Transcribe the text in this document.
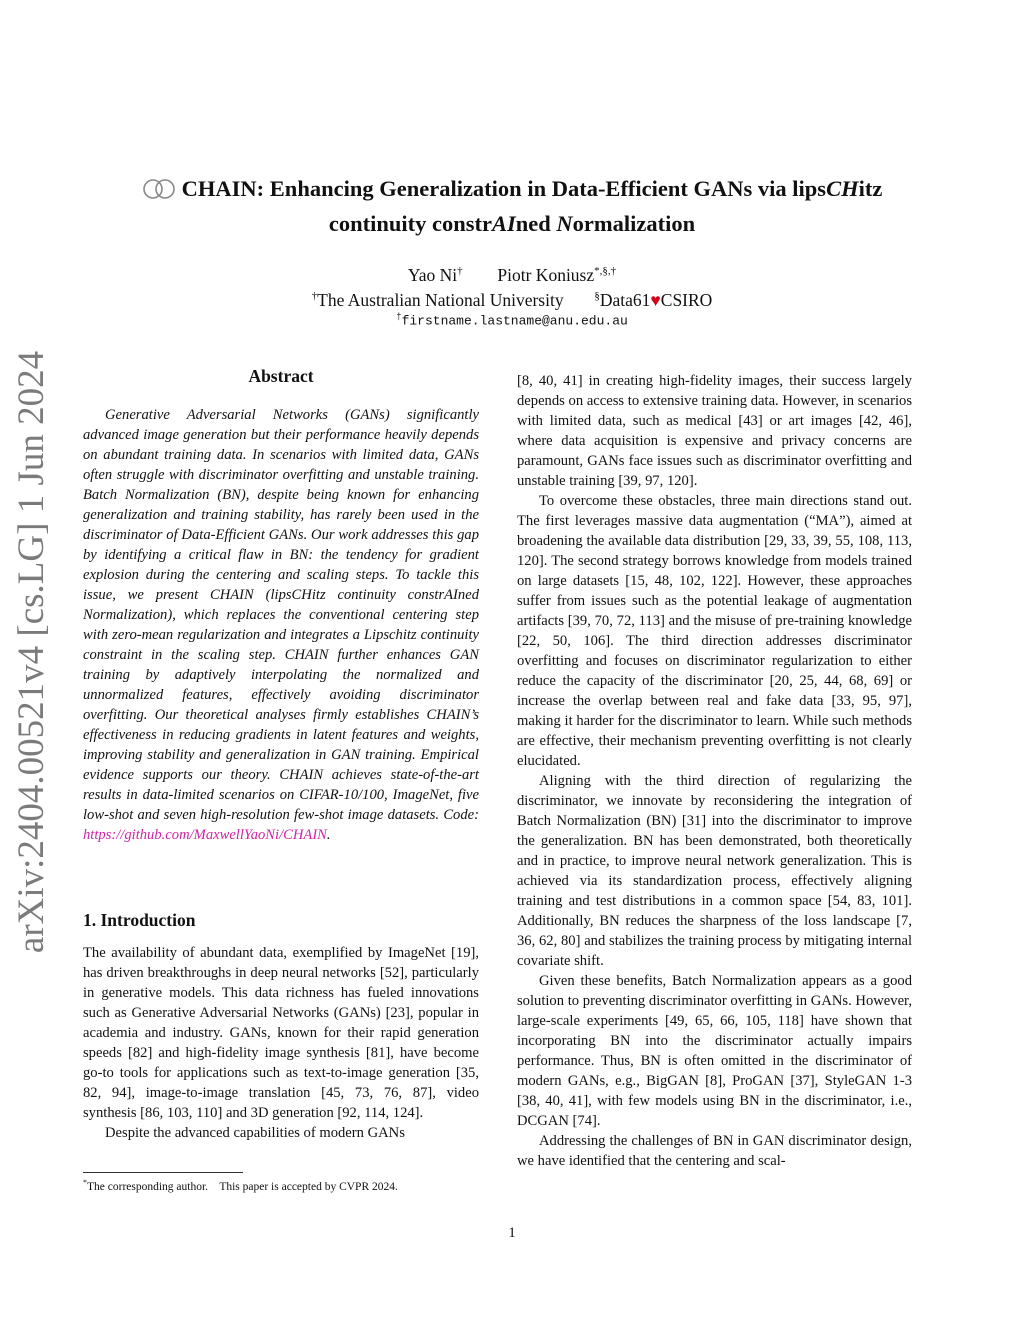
arXiv:2404.00521v4 [cs.LG] 1 Jun 2024
CHAIN: Enhancing Generalization in Data-Efficient GANs via lipsCHitz
continuity constrAIned Normalization
Yao Ni† Piotr Koniusz*,§,†
†The Australian National University	§Data61♥CSIRO
†firstname.lastname@anu.edu.au
Abstract

Generative Adversarial Networks (GANs) significantly advanced image generation but their performance heavily depends on abundant training data. In scenarios with limited data, GANs often struggle with discriminator overfitting and unstable training. Batch Normalization (BN), despite being known for enhancing generalization and training stability, has rarely been used in the discriminator of Data-Efficient GANs. Our work addresses this gap by identifying a critical flaw in BN: the tendency for gradient explosion during the centering and scaling steps. To tackle this issue, we present CHAIN (lipsCHitz continuity constrAIned Normalization), which replaces the conventional centering step with zero-mean regularization and integrates a Lipschitz continuity constraint in the scaling step. CHAIN further enhances GAN training by adaptively interpolating the normalized and unnormalized features, effectively avoiding discriminator overfitting. Our theoretical analyses firmly establishes CHAIN’s effectiveness in reducing gradients in latent features and weights, improving stability and generalization in GAN training. Empirical evidence supports our theory. CHAIN achieves state-of-the-art results in data-limited scenarios on CIFAR-10/100, ImageNet, five low-shot and seven high-resolution few-shot image datasets. Code: https://github.com/MaxwellYaoNi/CHAIN.

1. Introduction

The availability of abundant data, exemplified by ImageNet [19], has driven breakthroughs in deep neural networks [52], particularly in generative models. This data richness has fueled innovations such as Generative Adversarial Networks (GANs) [23], popular in academia and industry. GANs, known for their rapid generation speeds [82] and high-fidelity image synthesis [81], have become go-to tools for applications such as text-to-image generation [35, 82, 94], image-to-image translation [45, 73, 76, 87], video synthesis [86, 103, 110] and 3D generation [92, 114, 124].

Despite the advanced capabilities of modern GANs

[8, 40, 41] in creating high-fidelity images, their success largely depends on access to extensive training data. However, in scenarios with limited data, such as medical [43] or art images [42, 46], where data acquisition is expensive and privacy concerns are paramount, GANs face issues such as discriminator overfitting and unstable training [39, 97, 120].

To overcome these obstacles, three main directions stand out. The first leverages massive data augmentation (“MA”), aimed at broadening the available data distribution [29, 33, 39, 55, 108, 113, 120]. The second strategy borrows knowledge from models trained on large datasets [15, 48, 102, 122]. However, these approaches suffer from issues such as the potential leakage of augmentation artifacts [39, 70, 72, 113] and the misuse of pre-training knowledge [22, 50, 106]. The third direction addresses discriminator overfitting and focuses on discriminator regularization to either reduce the capacity of the discriminator [20, 25, 44, 68, 69] or increase the overlap between real and fake data [33, 95, 97], making it harder for the discriminator to learn. While such methods are effective, their mechanism preventing overfitting is not clearly elucidated.

Aligning with the third direction of regularizing the discriminator, we innovate by reconsidering the integration of Batch Normalization (BN) [31] into the discriminator to improve the generalization. BN has been demonstrated, both theoretically and in practice, to improve neural network generalization. This is achieved via its standardization process, effectively aligning training and test distributions in a common space [54, 83, 101]. Additionally, BN reduces the sharpness of the loss landscape [7, 36, 62, 80] and stabilizes the training process by mitigating internal covariate shift.

Given these benefits, Batch Normalization appears as a good solution to preventing discriminator overfitting in GANs. However, large-scale experiments [49, 65, 66, 105, 118] have shown that incorporating BN into the discriminator actually impairs performance. Thus, BN is often omitted in the discriminator of modern GANs, e.g., BigGAN [8], ProGAN [37], StyleGAN 1-3 [38, 40, 41], with few models using BN in the discriminator, i.e., DCGAN [74].

Addressing the challenges of BN in GAN discriminator design, we have identified that the centering and scal-

*The corresponding author.    This paper is accepted by CVPR 2024.
1
